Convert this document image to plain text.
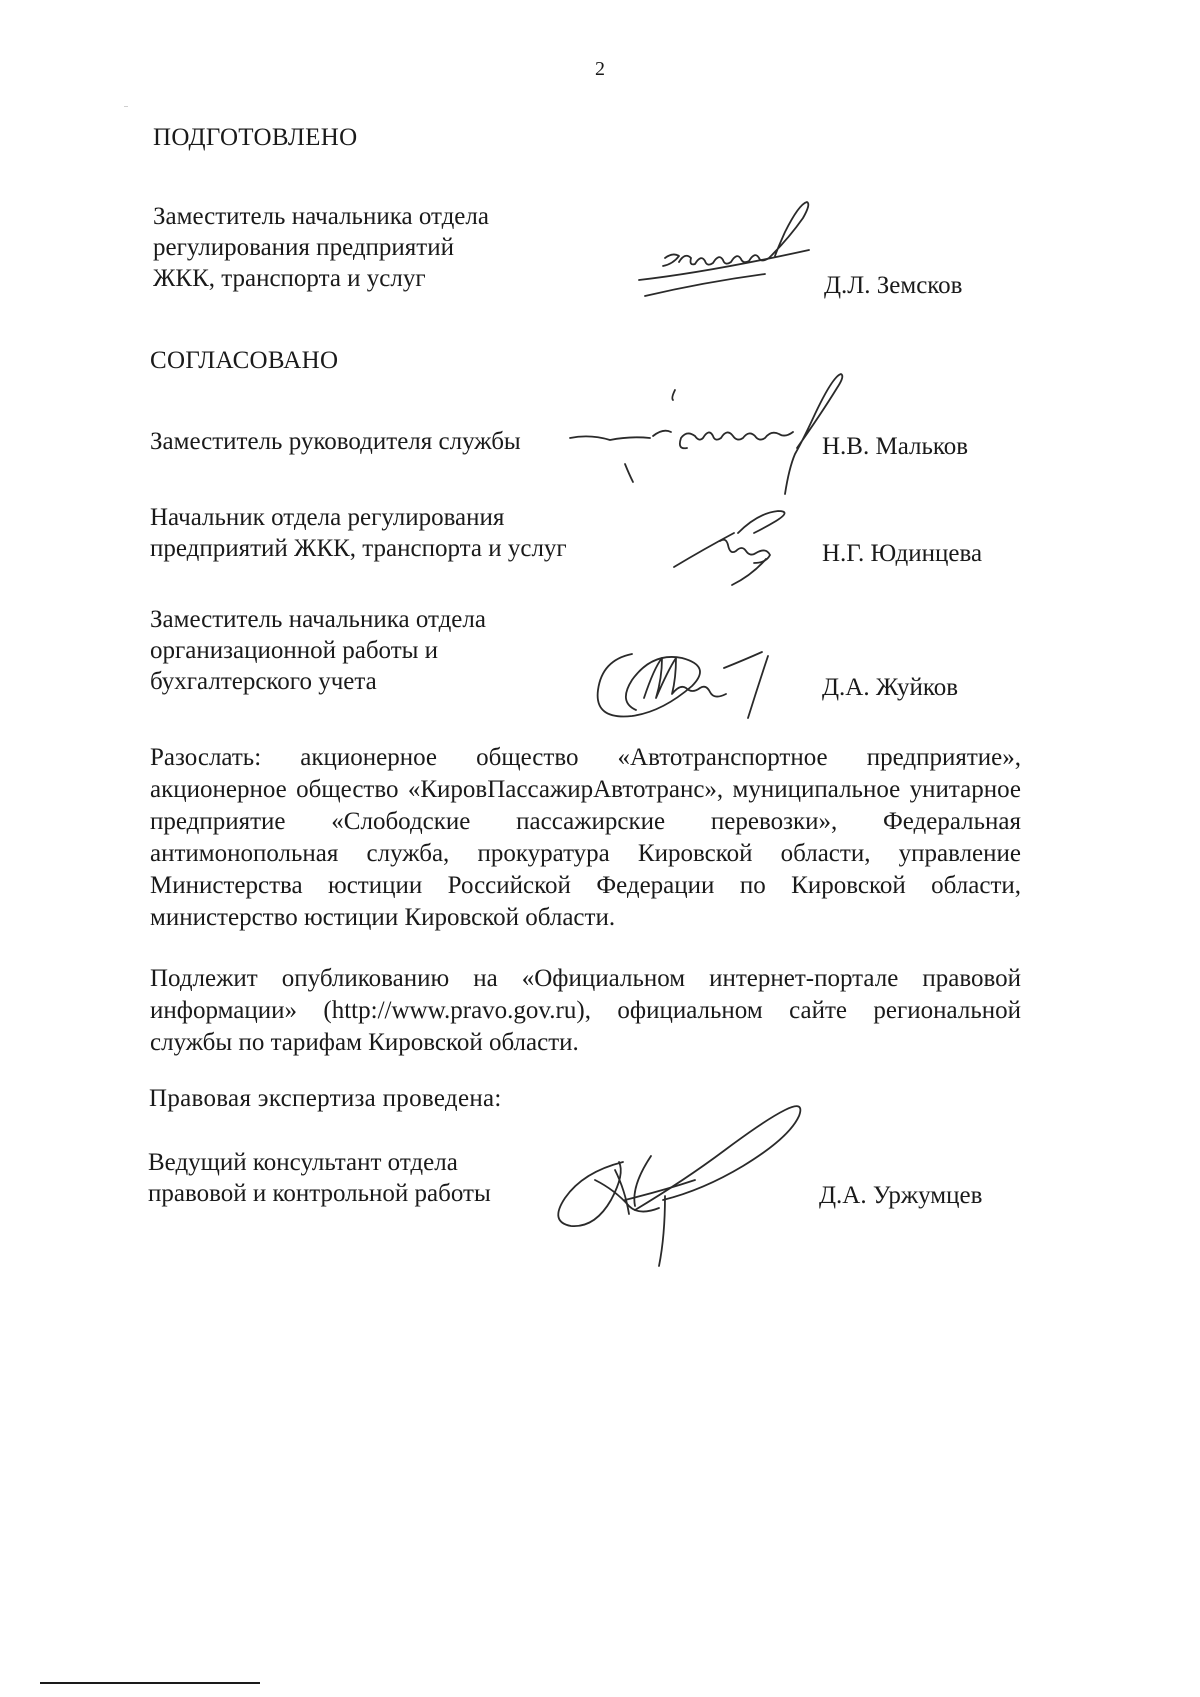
2
ПОДГОТОВЛЕНО
Заместитель начальника отдела
регулирования предприятий
ЖКК, транспорта и услуг	Д.Л. Земсков
СОГЛАСОВАНО
Заместитель руководителя службы	Н.В. Мальков
Начальник отдела регулирования
предприятий ЖКК, транспорта и услуг	Н.Г. Юдинцева
Заместитель начальника отдела
организационной работы и
бухгалтерского учета	Д.А. Жуйков
Разослать: акционерное общество «Автотранспортное предприятие», акционерное общество «КировПассажирАвтотранс», муниципальное унитарное предприятие «Слободские пассажирские перевозки», Федеральная антимонопольная служба, прокуратура Кировской области, управление Министерства юстиции Российской Федерации по Кировской области, министерство юстиции Кировской области.
Подлежит опубликованию на «Официальном интернет-портале правовой информации» (http://www.pravo.gov.ru), официальном сайте региональной службы по тарифам Кировской области.
Правовая экспертиза проведена:
Ведущий консультант отдела
правовой и контрольной работы	Д.А. Уржумцев
